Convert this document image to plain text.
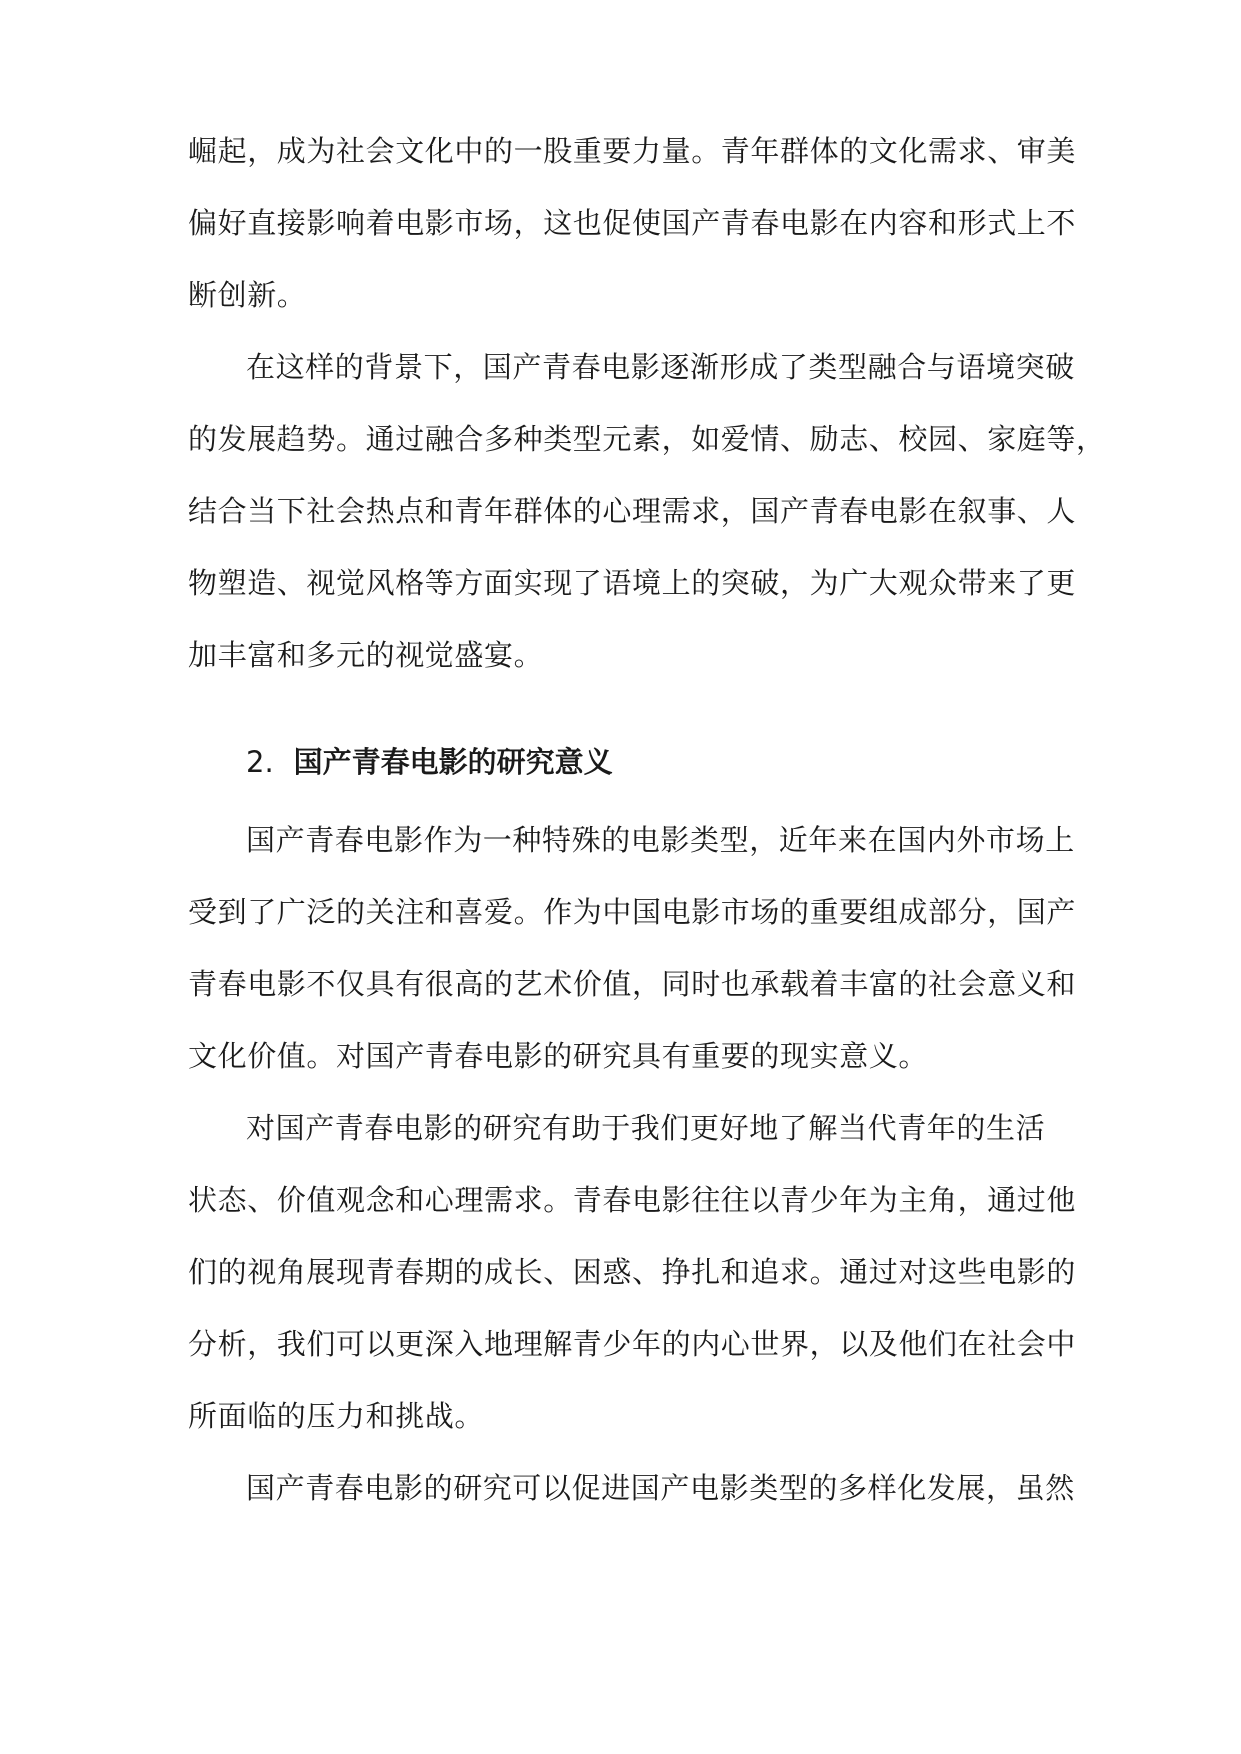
崛起，成为社会文化中的一股重要力量。青年群体的文化需求、审美
偏好直接影响着电影市场，这也促使国产青春电影在内容和形式上不
断创新。
在这样的背景下，国产青春电影逐渐形成了类型融合与语境突破
的发展趋势。通过融合多种类型元素，如爱情、励志、校园、家庭等，
结合当下社会热点和青年群体的心理需求，国产青春电影在叙事、人
物塑造、视觉风格等方面实现了语境上的突破，为广大观众带来了更
加丰富和多元的视觉盛宴。
2. 国产青春电影的研究意义
国产青春电影作为一种特殊的电影类型，近年来在国内外市场上
受到了广泛的关注和喜爱。作为中国电影市场的重要组成部分，国产
青春电影不仅具有很高的艺术价值，同时也承载着丰富的社会意义和
文化价值。对国产青春电影的研究具有重要的现实意义。
对国产青春电影的研究有助于我们更好地了解当代青年的生活
状态、价值观念和心理需求。青春电影往往以青少年为主角，通过他
们的视角展现青春期的成长、困惑、挣扎和追求。通过对这些电影的
分析，我们可以更深入地理解青少年的内心世界，以及他们在社会中
所面临的压力和挑战。
国产青春电影的研究可以促进国产电影类型的多样化发展，虽然
